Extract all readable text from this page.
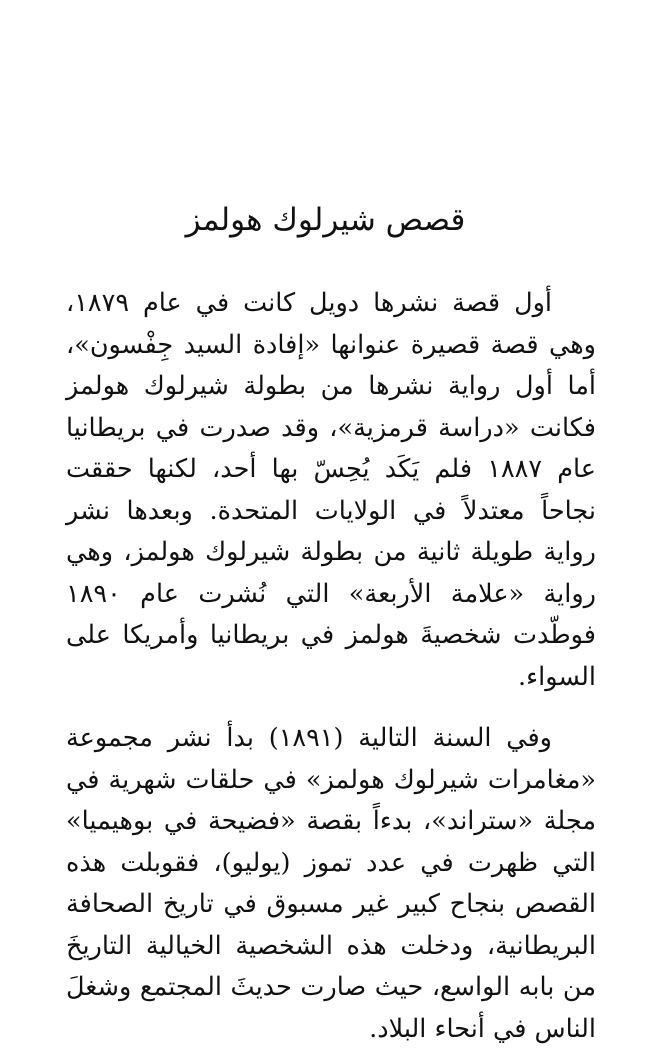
قصص شيرلوك هولمز

أول قصة نشرها دويل كانت في عام ١٨٧٩، وهي قصة قصيرة عنوانها «إفادة السيد جِفْسون»، أما أول رواية نشرها من بطولة شيرلوك هولمز فكانت «دراسة قرمزية»، وقد صدرت في بريطانيا عام ١٨٨٧ فلم يَكَد يُحِسّ بها أحد، لكنها حققت نجاحاً معتدلاً في الولايات المتحدة. وبعدها نشر رواية طويلة ثانية من بطولة شيرلوك هولمز، وهي رواية «علامة الأربعة» التي نُشرت عام ١٨٩٠ فوطّدت شخصيةَ هولمز في بريطانيا وأمريكا على السواء.

وفي السنة التالية (١٨٩١) بدأ نشر مجموعة «مغامرات شيرلوك هولمز» في حلقات شهرية في مجلة «ستراند»، بدءاً بقصة «فضيحة في بوهيميا» التي ظهرت في عدد تموز (يوليو)، فقوبلت هذه القصص بنجاح كبير غير مسبوق في تاريخ الصحافة البريطانية، ودخلت هذه الشخصية الخيالية التاريخَ من بابه الواسع، حيث صارت حديثَ المجتمع وشغلَ الناس في أنحاء البلاد.
